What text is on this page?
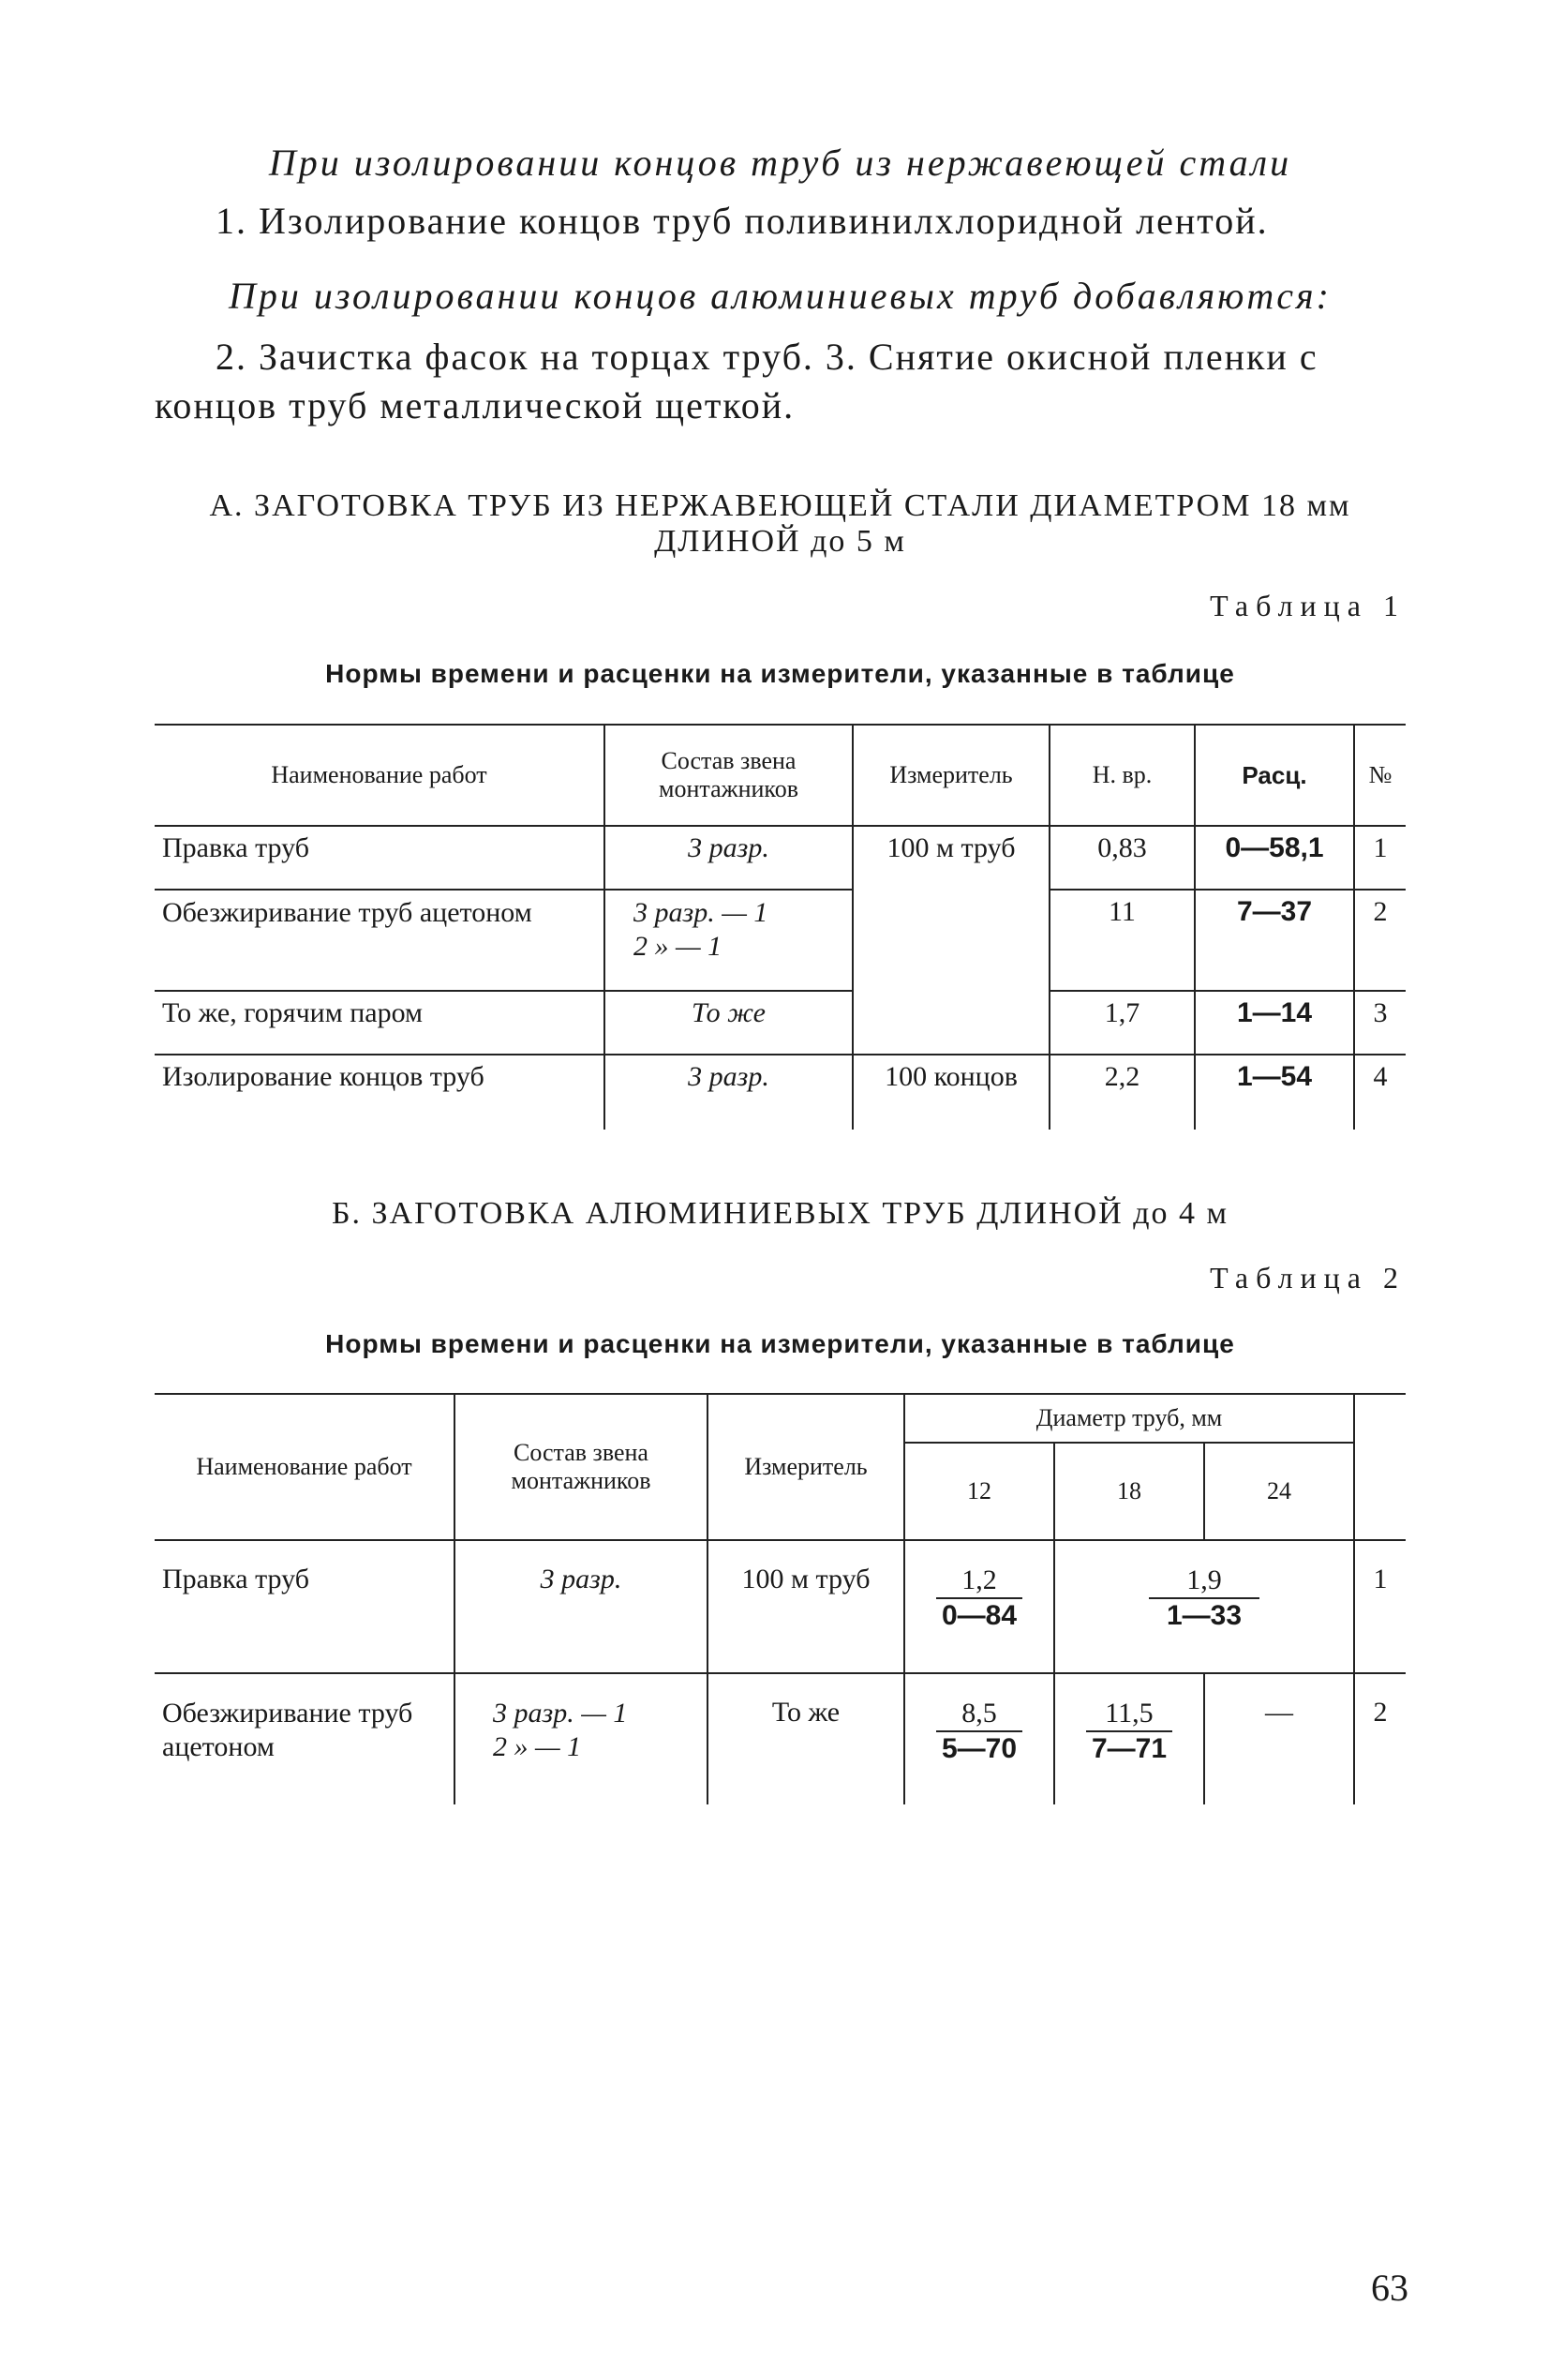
При изолировании концов труб из нержавеющей стали
1. Изолирование концов труб поливинилхлоридной лентой.
При изолировании концов алюминиевых труб добавляются:
2. Зачистка фасок на торцах труб. 3. Снятие окисной пленки с концов труб металлической щеткой.
А. ЗАГОТОВКА ТРУБ ИЗ НЕРЖАВЕЮЩЕЙ СТАЛИ ДИАМЕТРОМ 18 мм
ДЛИНОЙ до 5 м
Таблица 1
Нормы времени и расценки на измерители, указанные в таблице
Наименование работ	Состав звена монтажников	Измеритель	Н. вр.	Расц.	№
Правка труб	3 разр.	100 м труб	0,83	0—58,1	1
Обезжиривание труб ацетоном	3 разр. — 1
2 » — 1		11	7—37	2
То же, горячим паром	То же		1,7	1—14	3
Изолирование концов труб	3 разр.	100 концов	2,2	1—54	4
Б. ЗАГОТОВКА АЛЮМИНИЕВЫХ ТРУБ ДЛИНОЙ до 4 м
Таблица 2
Нормы времени и расценки на измерители, указанные в таблице
Наименование работ	Состав звена монтажников	Измеритель	Диаметр труб, мм			
			12	18	24	
Правка труб	3 разр.	100 м труб	$\frac{1,2}{0—84}$	$\frac{1,9}{1—33}$		1
Обезжиривание труб ацетоном	3 разр. — 1
2 » — 1	То же	$\frac{8,5}{5—70}$	$\frac{11,5}{7—71}$	—	2
63
